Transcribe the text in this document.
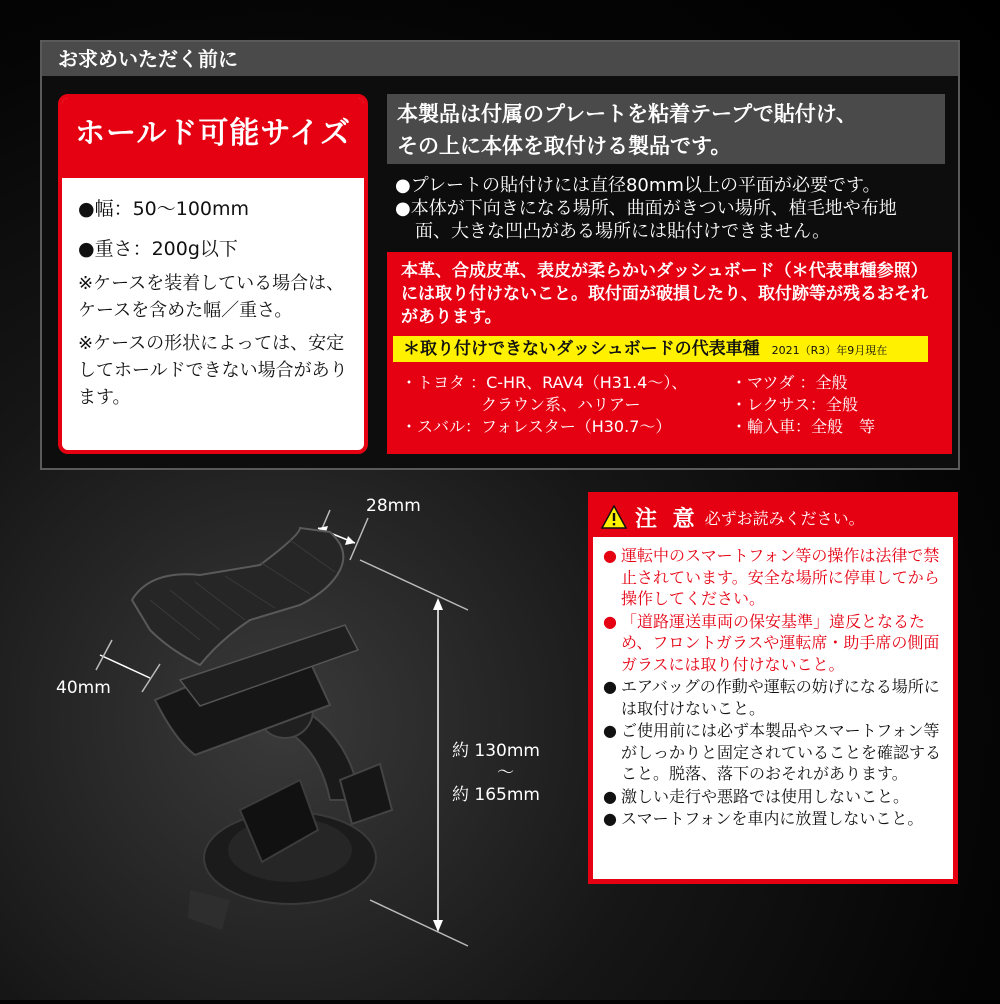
お求めいただく前に
ホールド可能サイズ
●幅：50〜100mm
●重さ：200g以下
※ケースを装着している場合は、ケースを含めた幅／重さ。
※ケースの形状によっては、安定してホールドできない場合があります。
本製品は付属のプレートを粘着テープで貼付け、
その上に本体を取付ける製品です。
●プレートの貼付けには直径80mm以上の平面が必要です。
●本体が下向きになる場所、曲面がきつい場所、植毛地や布地
面、大きな凹凸がある場所には貼付けできません。
本革、合成皮革、表皮が柔らかいダッシュボード（＊代表車種参照）には取り付けないこと。取付面が破損したり、取付跡等が残るおそれがあります。
＊取り付けできないダッシュボードの代表車種 2021（R3）年9月現在
・トヨタ ：C-HR、RAV4（H31.4〜）、
　　　　　クラウン系、ハリアー
・スバル：フォレスター（H30.7〜）
・マツダ ：全般
・レクサス：全般
・輸入車：全般　等
28mm
40mm
約 130mm
〜
約 165mm
注 意 必ずお読みください。
● 運転中のスマートフォン等の操作は法律で禁止されています。安全な場所に停車してから操作してください。
● 「道路運送車両の保安基準」違反となるため、フロントガラスや運転席・助手席の側面ガラスには取り付けないこと。
● エアバッグの作動や運転の妨げになる場所には取付けないこと。
● ご使用前には必ず本製品やスマートフォン等がしっかりと固定されていることを確認すること。脱落、落下のおそれがあります。
● 激しい走行や悪路では使用しないこと。
● スマートフォンを車内に放置しないこと。
